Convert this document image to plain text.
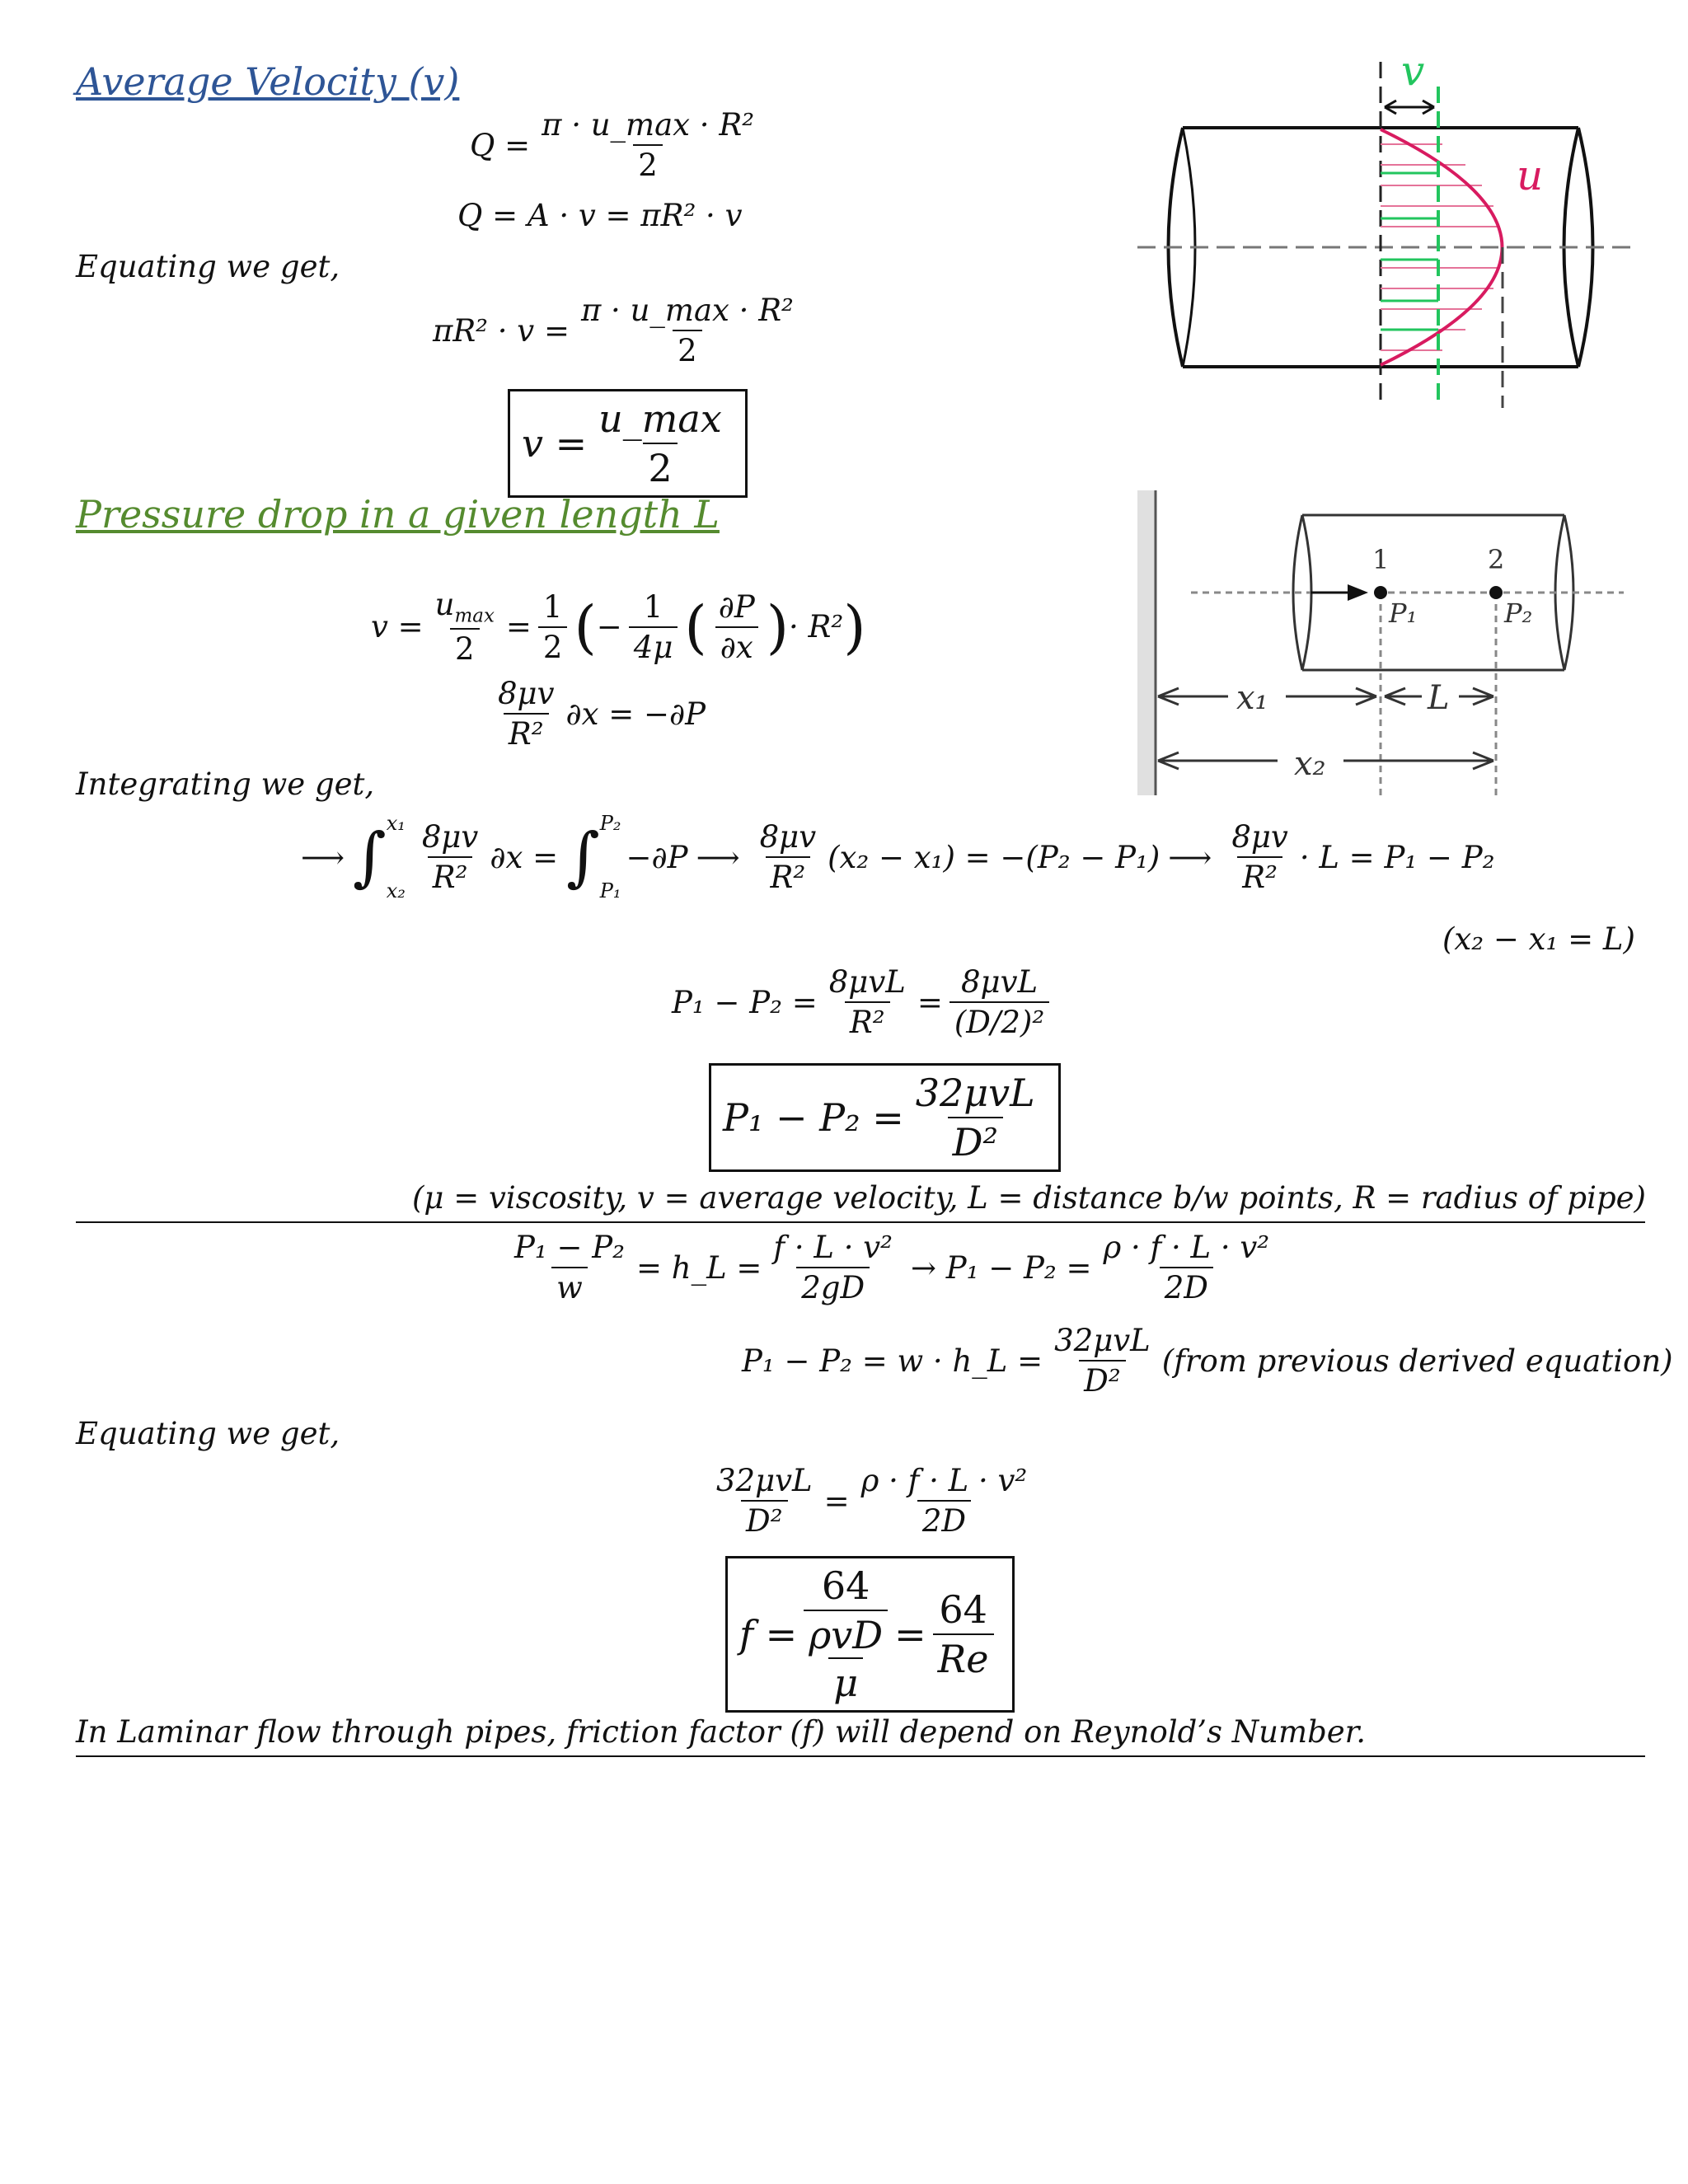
Average Velocity (v)
$Q = \frac{\text{π · u\_max · R²}}{2}$
Q = A · v = πR² · v
Equating we get,
$\pi R^2 \cdot v = \frac{\text{π · u\_max · R²}}{2}$
$v = \frac{u\_\max}{2}$
v
u
Pressure drop in a given length L
$v = \frac{u_{max}}{2} = \frac{1}{2}$ ( − $\frac{1}{4\mu}$ ( $\frac{\partial P}{\partial x}$ ) · R² )
$\frac{8\mu v}{\text{R²}} \partial x = -\partial P$
Integrating we get,
⟶ ∫ x₁
$x_2 \frac{8\mu v}{\text{R²}} \partial x$ = ∫ P₂
P₁
−∂P ⟶ $\frac{8\mu v}{\text{R²}} (x_2 - x_1) = -(P_2 - P_1)$ ⟶ $\frac{8\mu v}{\text{R²}} \cdot L = P_1 - P_2$
(x₂ − x₁ = L)
$P_1 - P_2 = \frac{\text{8μvL}}{\text{R²}} = \frac{\text{8μvL}}{\text{(D/2)²}}$
$P_1 - P_2 = \frac{\text{32μvL}}{\text{D²}}$
(μ = viscosity, v = average velocity, L = distance b/w points, R = radius of pipe)
1	2
P₁	P₂
x₁	L
x₂
$\frac{\text{P₁ − P₂}}{w}$ = h_L = $\frac{\text{f · L · v²}}{2gD} \to P_1 - P_2 = \frac{\text{ρ · f · L · v²}}{2D}$
P₁ − P₂ = w · h_L = $\frac{\text{32μvL}}{\text{D²}}$ (from previous derived equation)
Equating we get,
$\frac{\text{32μvL}}{\text{D²}} = \frac{\text{ρ · f · L · v²}}{2D}$
f = 64
ρvD
$\mu = \frac{64}{Re}$
In Laminar flow through pipes, friction factor (f) will depend on Reynold’s Number.
